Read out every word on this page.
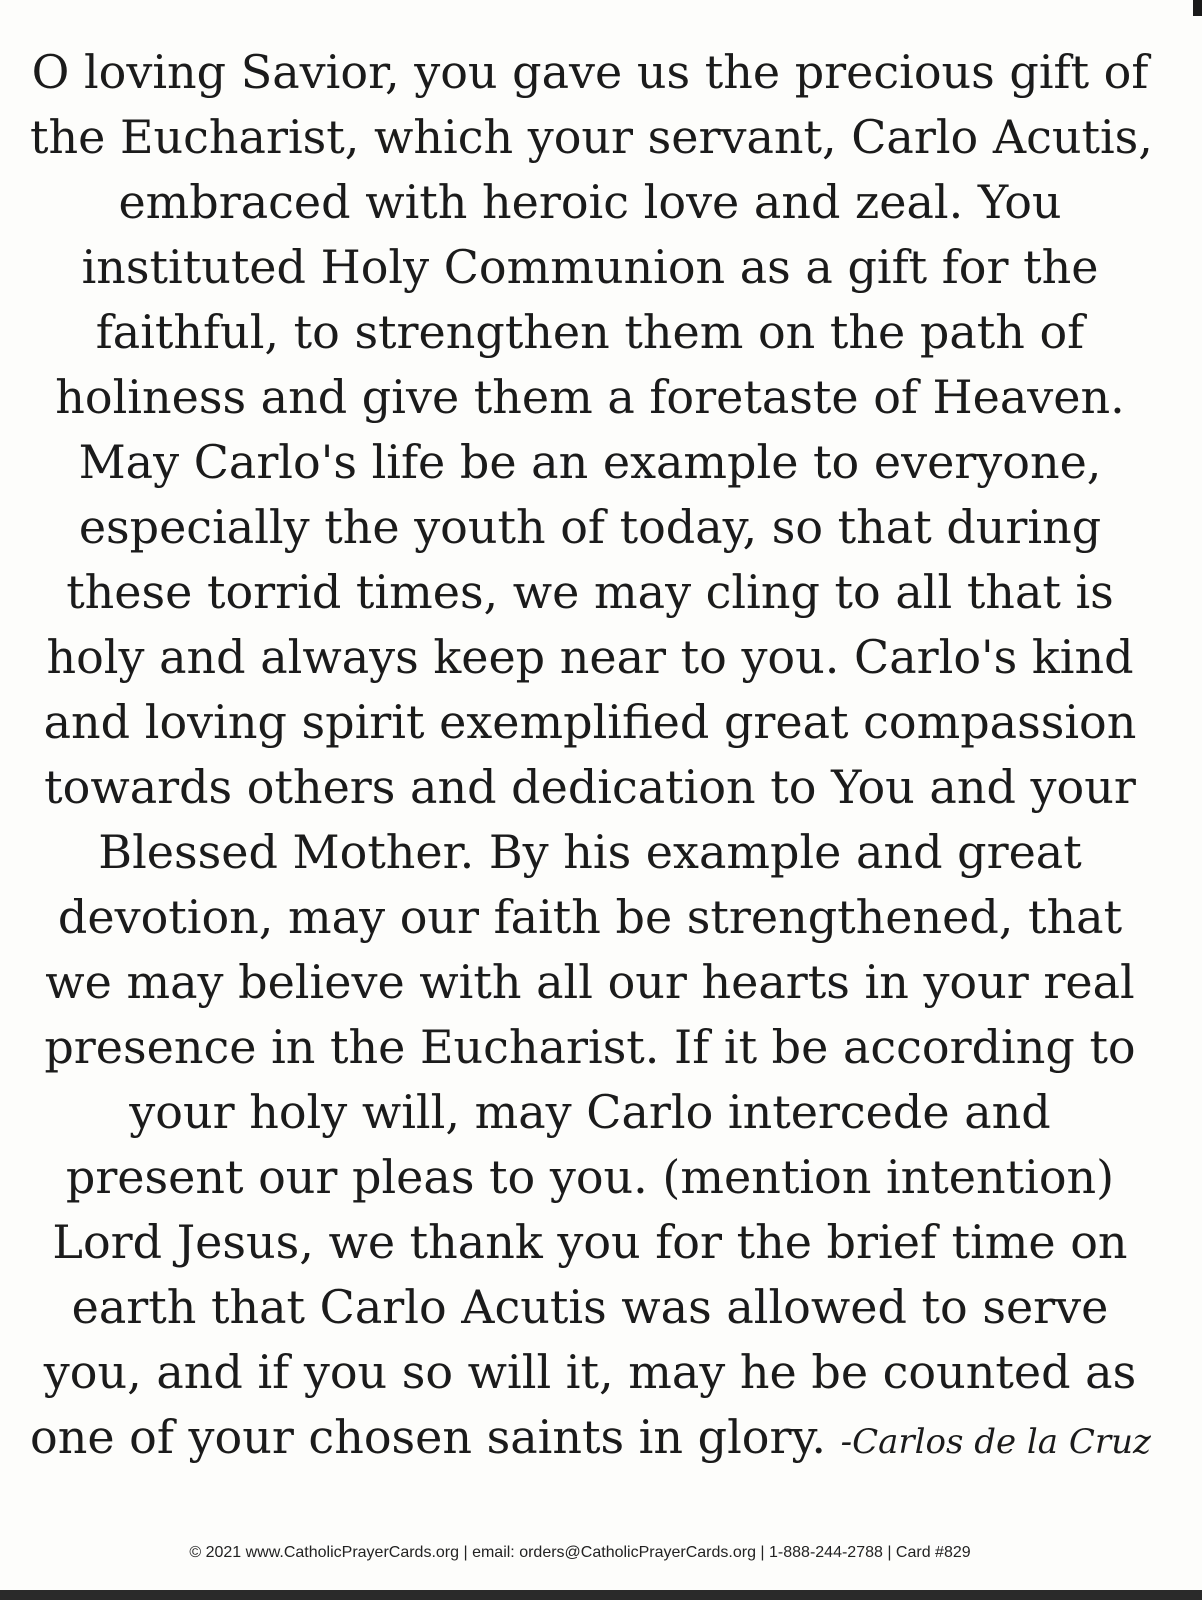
O loving Savior, you gave us the precious gift of
the Eucharist, which your servant, Carlo Acutis,
embraced with heroic love and zeal. You
instituted Holy Communion as a gift for the
faithful, to strengthen them on the path of
holiness and give them a foretaste of Heaven.
May Carlo's life be an example to everyone,
especially the youth of today, so that during
these torrid times, we may cling to all that is
holy and always keep near to you. Carlo's kind
and loving spirit exemplified great compassion
towards others and dedication to You and your
Blessed Mother. By his example and great
devotion, may our faith be strengthened, that
we may believe with all our hearts in your real
presence in the Eucharist. If it be according to
your holy will, may Carlo intercede and
present our pleas to you. (mention intention)
Lord Jesus, we thank you for the brief time on
earth that Carlo Acutis was allowed to serve
you, and if you so will it, may he be counted as
one of your chosen saints in glory. -Carlos de la Cruz
© 2021 www.CatholicPrayerCards.org | email: orders@CatholicPrayerCards.org | 1-888-244-2788 | Card #829
